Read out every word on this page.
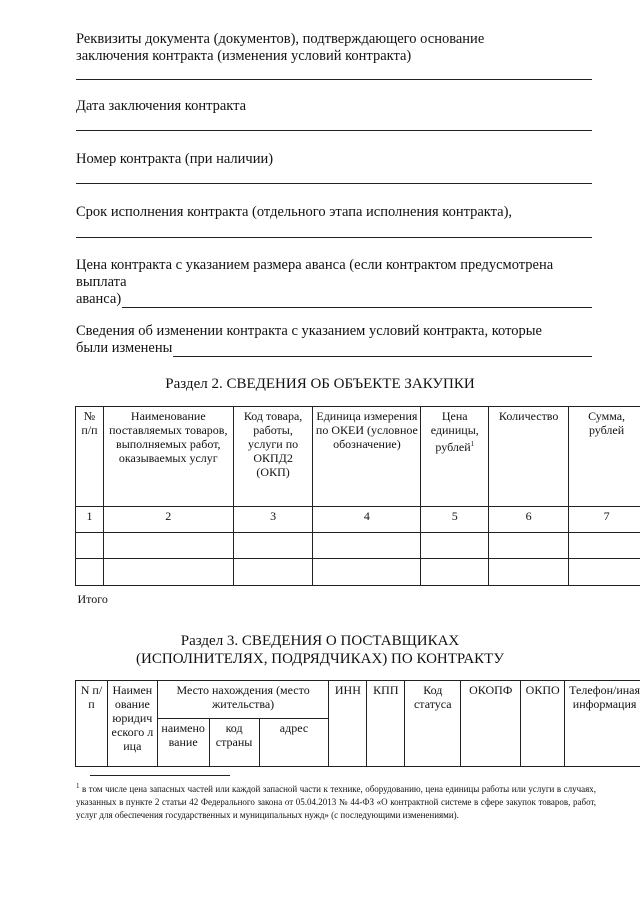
Реквизиты документа (документов), подтверждающего основание
заключения контракта (изменения условий контракта)
Дата заключения контракта
Номер контракта (при наличии)
Срок исполнения контракта (отдельного этапа исполнения контракта),
Цена контракта с указанием размера аванса (если контрактом предусмотрена
выплата
аванса)
Сведения об изменении контракта с указанием условий контракта, которые
были изменены
Раздел 2. СВЕДЕНИЯ ОБ ОБЪЕКТЕ ЗАКУПКИ
№ п/п	Наименование поставляемых товаров, выполняемых работ, оказываемых услуг	Код товара, работы, услуги по ОКПД2 (ОКП)	Единица измерения по ОКЕИ (условное обозначение)	Цена единицы, рублей$^1$	Количество	Сумма, рублей
1	2	3	4	5	6	7

Итого						
Раздел 3. СВЕДЕНИЯ О ПОСТАВЩИКАХ
(ИСПОЛНИТЕЛЯХ, ПОДРЯДЧИКАХ) ПО КОНТРАКТУ
N п/п	Наименование юридического лица	Место нахождения (место жительства)			ИНН	КПП	Код статуса	ОКОПФ	ОКПО	Телефон/иная информация
		наименование	код страны	адрес						
$^1$ в том числе цена запасных частей или каждой запасной части к технике, оборудованию, цена единицы работы или услуги в случаях, указанных в пункте 2 статьи 42 Федерального закона от 05.04.2013 № 44-ФЗ «О контрактной системе в сфере закупок товаров, работ, услуг для обеспечения государственных и муниципальных нужд» (с последующими изменениями).
